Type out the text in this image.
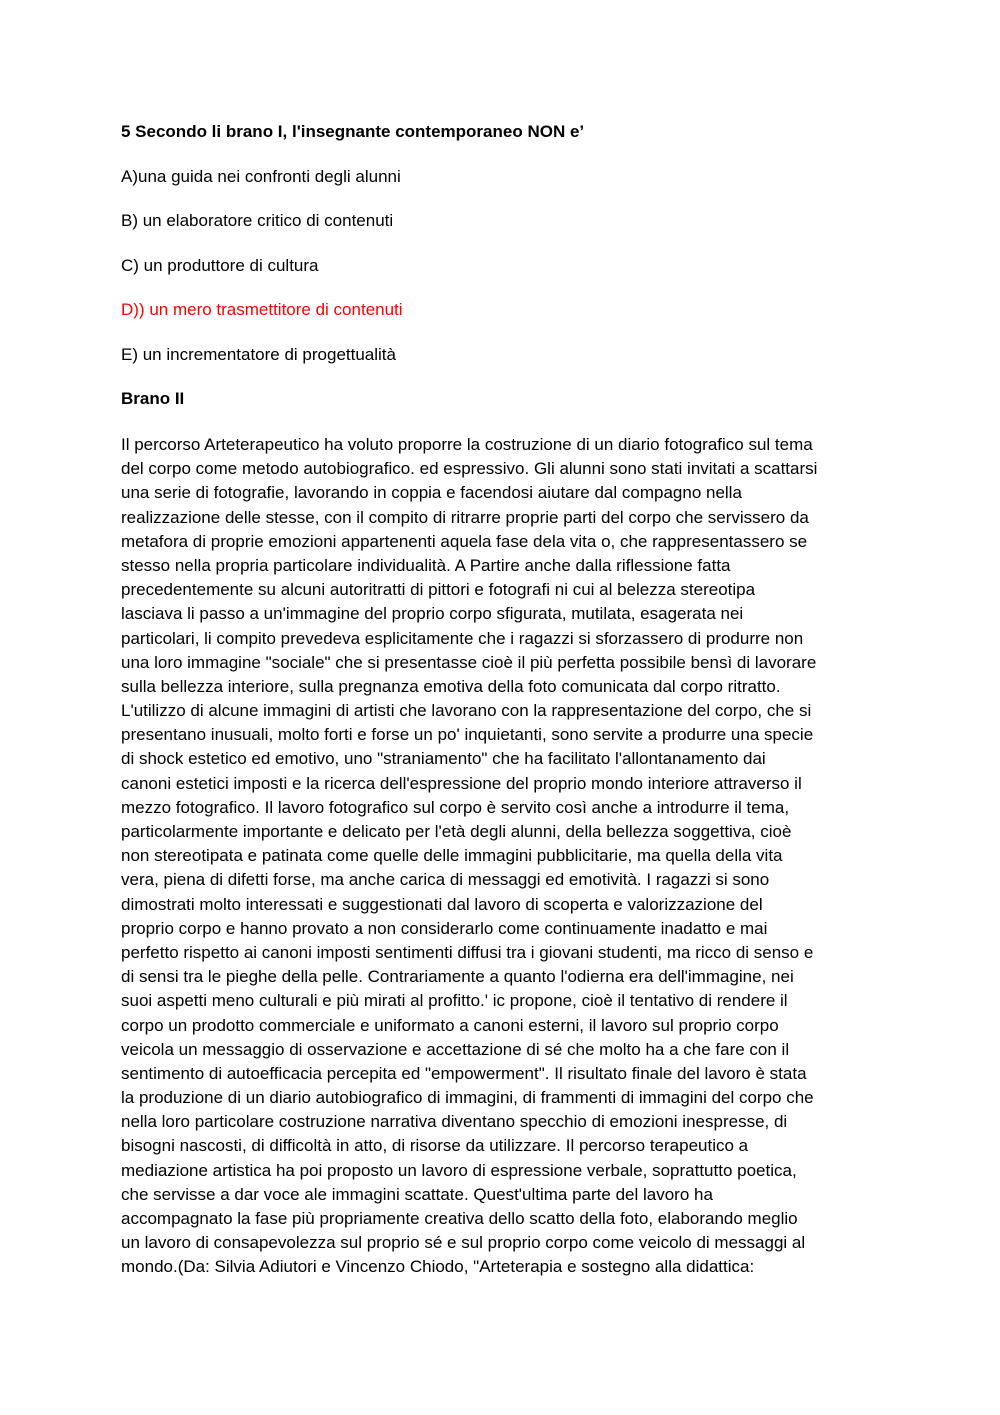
5 Secondo li brano I, l'insegnante contemporaneo NON e’
A)una guida nei confronti degli alunni
B) un elaboratore critico di contenuti
C) un produttore di cultura
D)) un mero trasmettitore di contenuti
E) un incrementatore di progettualità
Brano II
Il percorso Arteterapeutico ha voluto proporre la costruzione di un diario fotografico sul tema
del corpo come metodo autobiografico. ed espressivo. Gli alunni sono stati invitati a scattarsi
una serie di fotografie, lavorando in coppia e facendosi aiutare dal compagno nella
realizzazione delle stesse, con il compito di ritrarre proprie parti del corpo che servissero da
metafora di proprie emozioni appartenenti aquela fase dela vita o, che rappresentassero se
stesso nella propria particolare individualità. A Partire anche dalla riflessione fatta
precedentemente su alcuni autoritratti di pittori e fotografi ni cui al belezza stereotipa
lasciava li passo a un'immagine del proprio corpo sfigurata, mutilata, esagerata nei
particolari, li compito prevedeva esplicitamente che i ragazzi si sforzassero di produrre non
una loro immagine "sociale" che si presentasse cioè il più perfetta possibile bensì di lavorare
sulla bellezza interiore, sulla pregnanza emotiva della foto comunicata dal corpo ritratto.
L'utilizzo di alcune immagini di artisti che lavorano con la rappresentazione del corpo, che si
presentano inusuali, molto forti e forse un po' inquietanti, sono servite a produrre una specie
di shock estetico ed emotivo, uno "straniamento" che ha facilitato l'allontanamento dai
canoni estetici imposti e la ricerca dell'espressione del proprio mondo interiore attraverso il
mezzo fotografico. Il lavoro fotografico sul corpo è servito così anche a introdurre il tema,
particolarmente importante e delicato per l'età degli alunni, della bellezza soggettiva, cioè
non stereotipata e patinata come quelle delle immagini pubblicitarie, ma quella della vita
vera, piena di difetti forse, ma anche carica di messaggi ed emotività. I ragazzi si sono
dimostrati molto interessati e suggestionati dal lavoro di scoperta e valorizzazione del
proprio corpo e hanno provato a non considerarlo come continuamente inadatto e mai
perfetto rispetto ai canoni imposti sentimenti diffusi tra i giovani studenti, ma ricco di senso e
di sensi tra le pieghe della pelle. Contrariamente a quanto l'odierna era dell'immagine, nei
suoi aspetti meno culturali e più mirati al profitto.' ic propone, cioè il tentativo di rendere il
corpo un prodotto commerciale e uniformato a canoni esterni, il lavoro sul proprio corpo
veicola un messaggio di osservazione e accettazione di sé che molto ha a che fare con il
sentimento di autoefficacia percepita ed "empowerment". Il risultato finale del lavoro è stata
la produzione di un diario autobiografico di immagini, di frammenti di immagini del corpo che
nella loro particolare costruzione narrativa diventano specchio di emozioni inespresse, di
bisogni nascosti, di difficoltà in atto, di risorse da utilizzare. Il percorso terapeutico a
mediazione artistica ha poi proposto un lavoro di espressione verbale, soprattutto poetica,
che servisse a dar voce ale immagini scattate. Quest'ultima parte del lavoro ha
accompagnato la fase più propriamente creativa dello scatto della foto, elaborando meglio
un lavoro di consapevolezza sul proprio sé e sul proprio corpo come veicolo di messaggi al
mondo.(Da: Silvia Adiutori e Vincenzo Chiodo, "Arteterapia e sostegno alla didattica:
